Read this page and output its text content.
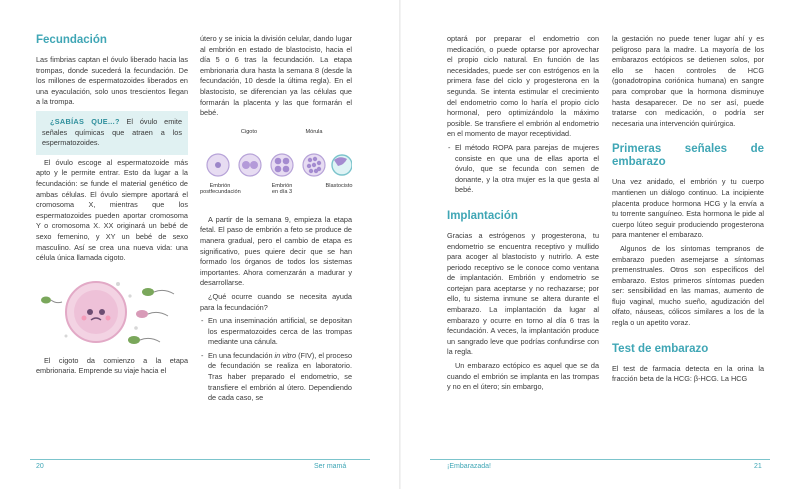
Fecundación

Las fimbrias captan el óvulo liberado hacia las trompas, donde sucederá la fecundación. De los millones de espermatozoides liberados en una eyaculación, solo unos trescientos llegan a la trompa.

¿SABÍAS QUE...? El óvulo emite señales químicas que atraen a los espermatozoides.

El óvulo escoge al espermatozoide más apto y le permite entrar. Esto da lugar a la fecundación: se funde el material genético de ambas células. El óvulo siempre aportará el cromosoma X, mientras que los espermatozoides pueden aportar cromosoma Y o cromosoma X. XX originará un bebé de sexo femenino, y XY un bebé de sexo masculino. Así se crea una nueva vida: una célula única llamada cigoto.

El cigoto da comienzo a la etapa embrionaria. Emprende su viaje hacia el

útero y se inicia la división celular, dando lugar al embrión en estado de blastocisto, hacia el día 5 o 6 tras la fecundación. La etapa embrionaria dura hasta la semana 8 (desde la fecundación, 10 desde la última regla). En el blastocisto, se diferencian ya las células que formarán la placenta y las que formarán el bebé.

Cigoto	Mórula
Embrión
postfecundación
Embrión
en día 3
Blastocisto

A partir de la semana 9, empieza la etapa fetal. El paso de embrión a feto se produce de manera gradual, pero el cambio de etapa es significativo, pues quiere decir que se han formado los órganos de todos los sistemas importantes. Ahora comenzarán a madurar y desarrollarse.

¿Qué ocurre cuando se necesita ayuda para la fecundación?

- En una inseminación artificial, se depositan los espermatozoides cerca de las trompas mediante una cánula.
- En una fecundación in vitro (FIV), el proceso de fecundación se realiza en laboratorio. Tras haber preparado el endometrio, se transfiere el embrión al útero. Dependiendo de cada caso, se

optará por preparar el endometrio con medicación, o puede optarse por aprovechar el propio ciclo natural. En función de las necesidades, puede ser con estrógenos en la primera fase del ciclo y progesterona en la segunda. Se intenta estimular el crecimiento del endometrio como lo haría el propio ciclo hormonal, pero optimizándolo la máximo posible. Se transfiere el embrión al endometrio en el momento de mayor receptividad.

- El método ROPA para parejas de mujeres consiste en que una de ellas aporta el óvulo, que se fecunda con semen de donante, y la otra mujer es la que gesta al bebé.
Implantación

Gracias a estrógenos y progesterona, tu endometrio se encuentra receptivo y mullido para acoger al blastocisto y nutrirlo. A este periodo receptivo se le conoce como ventana de implantación. Embrión y endometrio se cortejan para aceptarse y no rechazarse; por ello, tu sistema inmune se altera durante el embarazo. La implantación da lugar al embarazo y ocurre en torno al día 6 tras la fecundación. A veces, la implantación produce un sangrado leve que podrías confundirse con la regla.

Un embarazo ectópico es aquel que se da cuando el embrión se implanta en las trompas y no en el útero; sin embargo,

la gestación no puede tener lugar ahí y es peligroso para la madre. La mayoría de los embarazos ectópicos se detienen solos, por ello se hacen controles de HCG (gonadotropina coriónica humana) en sangre para comprobar que la hormona disminuye hasta desaparecer. De no ser así, puede tratarse con medicación, o podría ser necesaria una intervención quirúrgica.

Primeras señales de embarazo

Una vez anidado, el embrión y tu cuerpo mantienen un diálogo continuo. La incipiente placenta produce hormona HCG y la envía a tu torrente sanguíneo. Esta hormona le pide al cuerpo lúteo seguir produciendo progesterona para mantener el embarazo.

Algunos de los síntomas tempranos de embarazo pueden asemejarse a síntomas premenstruales. Otros son específicos del embarazo. Estos primeros síntomas pueden ser: sensibilidad en las mamas, aumento de flujo vaginal, mucho sueño, agudización del olfato, náuseas, cólicos similares a los de la regla o un apetito voraz.

Test de embarazo

El test de farmacia detecta en la orina la fracción beta de la HCG: β-HCG. La HCG

20	Ser mamá	¡Embarazada!	21
